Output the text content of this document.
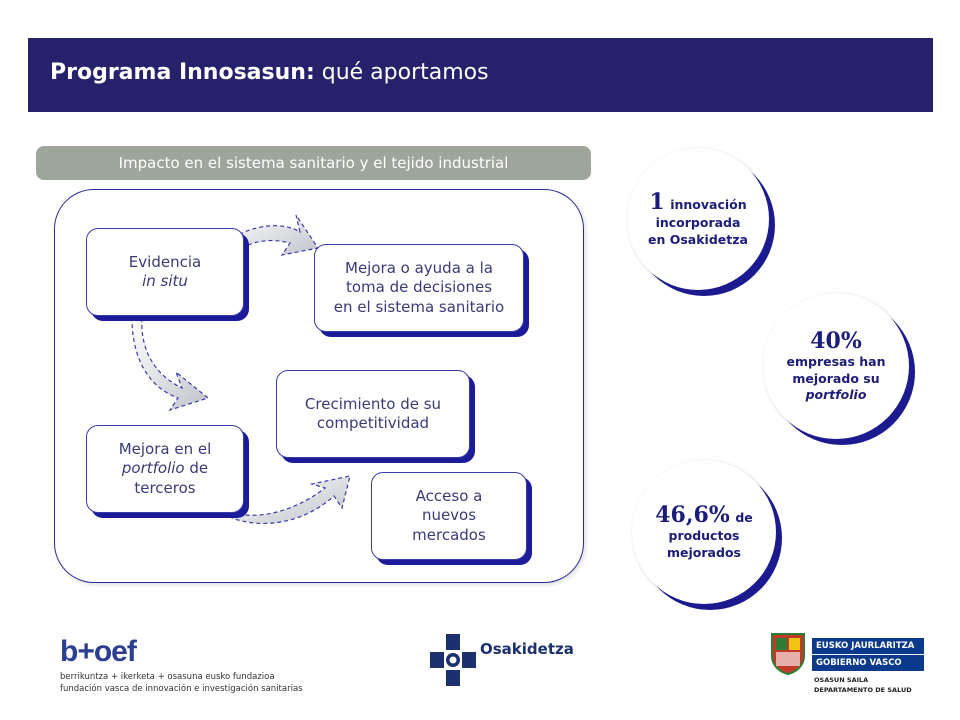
Programa Innosasun: qué aportamos
Impacto en el sistema sanitario y el tejido industrial
Evidencia
in situ
Mejora o ayuda a la
toma de decisiones
en el sistema sanitario
Crecimiento de su
competitividad
Mejora en el
portfolio de
terceros	Acceso a
nuevos
mercados
1 innovación
incorporada
en Osakidetza
40%
empresas han
mejorado su
portfolio
46,6% de
productos
mejorados
b+oef
berrikuntza + ikerketa + osasuna eusko fundazioa
fundación vasca de innovación e investigación sanitarias
Osakidetza	EUSKO JAURLARITZA
GOBIERNO VASCO
OSASUN SAILA
DEPARTAMENTO DE SALUD
